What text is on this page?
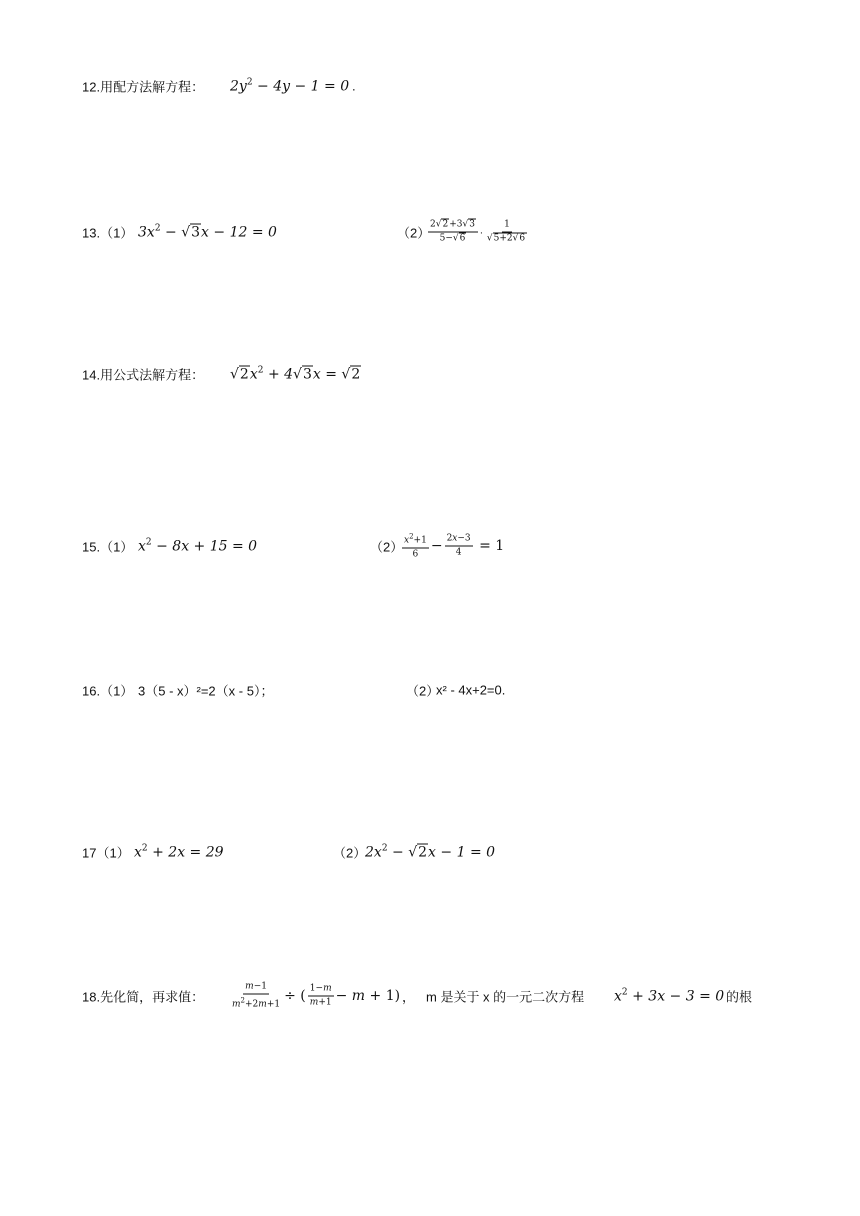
12.用配方法解方程： $2y^2 - 4y - 1 = 0$ .
13.（1） $3x^2 - √3x - 12 = 0$	（2）
$\frac{2√2+3√3}{5-√6} \cdot \frac{1}{√5+2√6}$
14.用公式法解方程： $√2x^2 + 4√3x = √2$
15.（1） $x^2 - 8x + 15 = 0$	（2）
$\frac{x^2+1}{6} - \frac{2x-3}{4} = 1$
16.（1） 3（5 - x）²=2（x - 5）；	（2）
x² - 4x+2=0.
17（1） $x^2 + 2x = 29$	（2）
$2x^2 - √2x - 1 = 0$
18.先化简，再求值：	$\frac{m-1}{m^2+2m+1}$ ÷ ( $\frac{1-m}{m+1} - m + 1$) ， m 是关于 x 的一元二次方程 $x^2 + 3x - 3 = 0$ 的根
